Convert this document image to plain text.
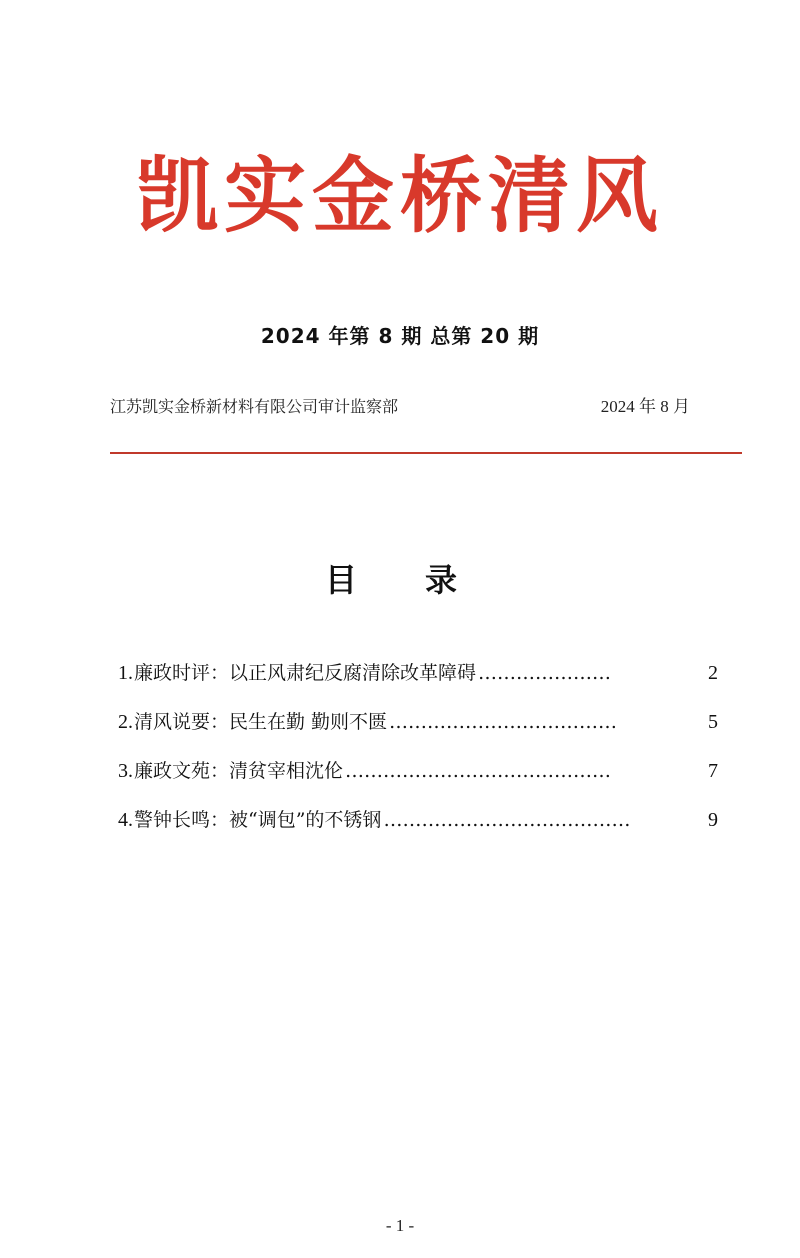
凯实金桥清风
2024 年第 8 期 总第 20 期
江苏凯实金桥新材料有限公司审计监察部	2024 年 8 月
目　录
1. 廉政时评：以正风肃纪反腐清除改革障碍 …………………	2
2. 清风说要：民生在勤 勤则不匮 ………………………………	5
3. 廉政文苑：清贫宰相沈伦 ……………………………………	7
4. 警钟长鸣：被“调包”的不锈钢 …………………………………	9
- 1 -
